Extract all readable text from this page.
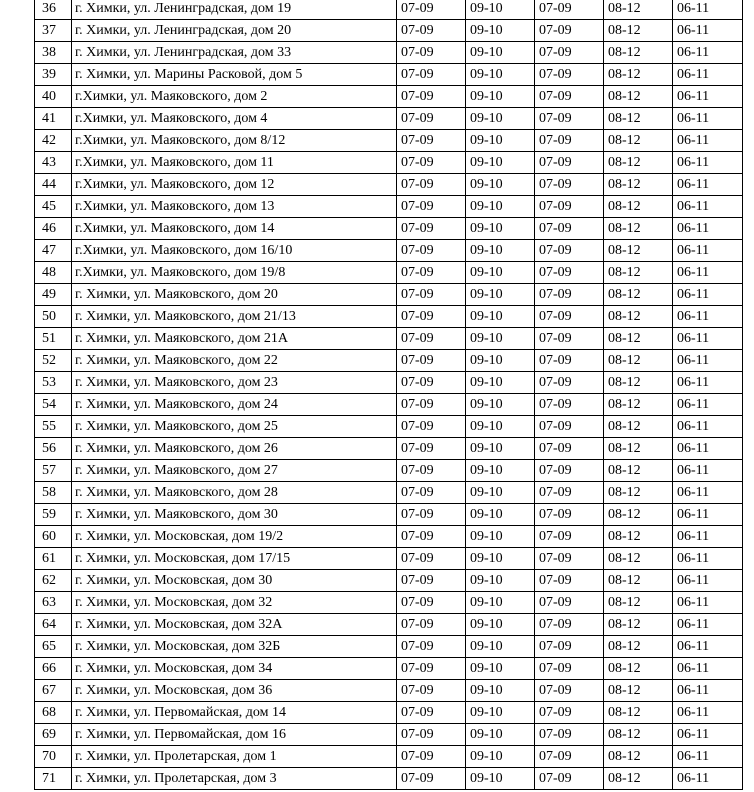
36	г. Химки, ул. Ленинградская, дом 19	07-09	09-10	07-09	08-12	06-11
37	г. Химки, ул. Ленинградская, дом 20	07-09	09-10	07-09	08-12	06-11
38	г. Химки, ул. Ленинградская, дом 33	07-09	09-10	07-09	08-12	06-11
39	г. Химки, ул. Марины Расковой, дом 5	07-09	09-10	07-09	08-12	06-11
40	г.Химки, ул. Маяковского, дом 2	07-09	09-10	07-09	08-12	06-11
41	г.Химки, ул. Маяковского, дом 4	07-09	09-10	07-09	08-12	06-11
42	г.Химки, ул. Маяковского, дом 8/12	07-09	09-10	07-09	08-12	06-11
43	г.Химки, ул. Маяковского, дом 11	07-09	09-10	07-09	08-12	06-11
44	г.Химки, ул. Маяковского, дом 12	07-09	09-10	07-09	08-12	06-11
45	г.Химки, ул. Маяковского, дом 13	07-09	09-10	07-09	08-12	06-11
46	г.Химки, ул. Маяковского, дом 14	07-09	09-10	07-09	08-12	06-11
47	г.Химки, ул. Маяковского, дом 16/10	07-09	09-10	07-09	08-12	06-11
48	г.Химки, ул. Маяковского, дом 19/8	07-09	09-10	07-09	08-12	06-11
49	г. Химки, ул. Маяковского, дом 20	07-09	09-10	07-09	08-12	06-11
50	г. Химки, ул. Маяковского, дом 21/13	07-09	09-10	07-09	08-12	06-11
51	г. Химки, ул. Маяковского, дом 21А	07-09	09-10	07-09	08-12	06-11
52	г. Химки, ул. Маяковского, дом 22	07-09	09-10	07-09	08-12	06-11
53	г. Химки, ул. Маяковского, дом 23	07-09	09-10	07-09	08-12	06-11
54	г. Химки, ул. Маяковского, дом 24	07-09	09-10	07-09	08-12	06-11
55	г. Химки, ул. Маяковского, дом 25	07-09	09-10	07-09	08-12	06-11
56	г. Химки, ул. Маяковского, дом 26	07-09	09-10	07-09	08-12	06-11
57	г. Химки, ул. Маяковского, дом 27	07-09	09-10	07-09	08-12	06-11
58	г. Химки, ул. Маяковского, дом 28	07-09	09-10	07-09	08-12	06-11
59	г. Химки, ул. Маяковского, дом 30	07-09	09-10	07-09	08-12	06-11
60	г. Химки, ул. Московская, дом 19/2	07-09	09-10	07-09	08-12	06-11
61	г. Химки, ул. Московская, дом 17/15	07-09	09-10	07-09	08-12	06-11
62	г. Химки, ул. Московская, дом 30	07-09	09-10	07-09	08-12	06-11
63	г. Химки, ул. Московская, дом 32	07-09	09-10	07-09	08-12	06-11
64	г. Химки, ул. Московская, дом 32А	07-09	09-10	07-09	08-12	06-11
65	г. Химки, ул. Московская, дом 32Б	07-09	09-10	07-09	08-12	06-11
66	г. Химки, ул. Московская, дом 34	07-09	09-10	07-09	08-12	06-11
67	г. Химки, ул. Московская, дом 36	07-09	09-10	07-09	08-12	06-11
68	г. Химки, ул. Первомайская, дом 14	07-09	09-10	07-09	08-12	06-11
69	г. Химки, ул. Первомайская, дом 16	07-09	09-10	07-09	08-12	06-11
70	г. Химки, ул. Пролетарская, дом 1	07-09	09-10	07-09	08-12	06-11
71	г. Химки, ул. Пролетарская, дом 3	07-09	09-10	07-09	08-12	06-11
